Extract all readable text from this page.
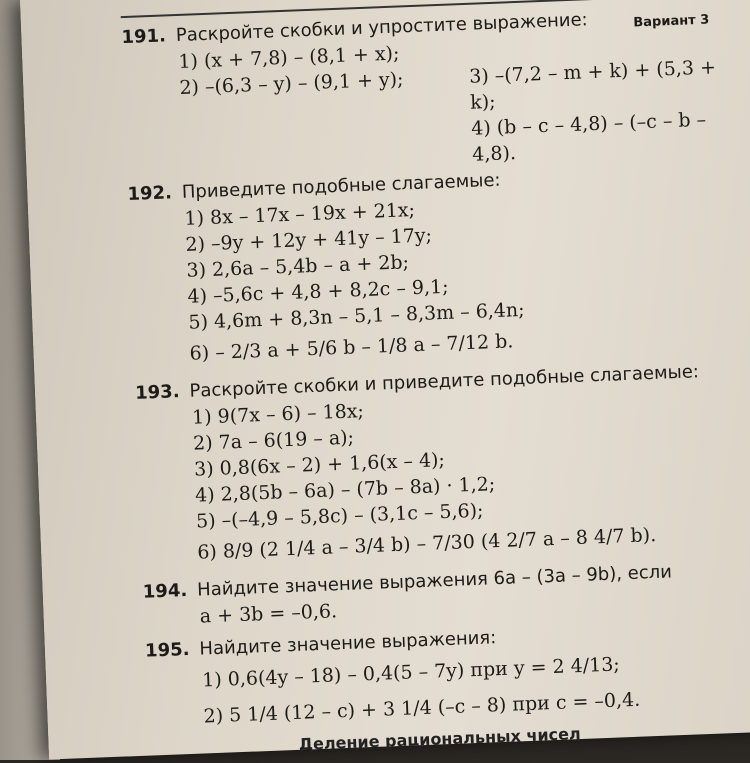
Вариант 3
191. Раскройте скобки и упростите выражение:
1) (x + 7,8) – (8,1 + x);
2) –(6,3 – y) – (9,1 + y);	3) –(7,2 – m + k) + (5,3 + k);
4) (b – c – 4,8) – (–c – b – 4,8).
192. Приведите подобные слагаемые:
1) 8x – 17x – 19x + 21x;
2) –9y + 12y + 41y – 17y;
3) 2,6a – 5,4b – a + 2b;
4) –5,6c + 4,8 + 8,2c – 9,1;
5) 4,6m + 8,3n – 5,1 – 8,3m – 6,4n;
6) – 2/3 a + 5/6 b – 1/8 a – 7/12 b.
193. Раскройте скобки и приведите подобные слагаемые:
1) 9(7x – 6) – 18x;
2) 7a – 6(19 – a);
3) 0,8(6x – 2) + 1,6(x – 4);
4) 2,8(5b – 6a) – (7b – 8a) · 1,2;
5) –(–4,9 – 5,8c) – (3,1c – 5,6);
6) 8/9 (2 1/4 a – 3/4 b) – 7/30 (4 2/7 a – 8 4/7 b).
194. Найдите значение выражения 6a – (3a – 9b), если
a + 3b = –0,6.
195. Найдите значение выражения:
1) 0,6(4y – 18) – 0,4(5 – 7y) при y = 2 4/13;
2) 5 1/4 (12 – c) + 3 1/4 (–c – 8) при c = –0,4.
Деление рациональных чисел
